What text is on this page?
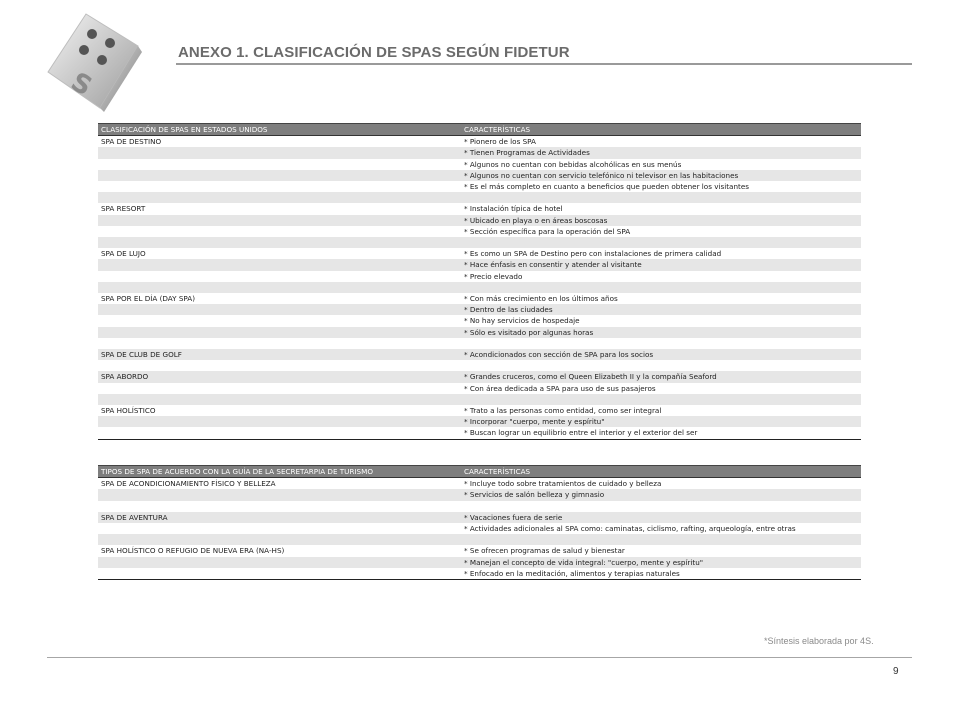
S
ANEXO 1. CLASIFICACIÓN DE SPAS SEGÚN FIDETUR
CLASIFICACIÓN DE SPAS EN ESTADOS UNIDOS	CARACTERÍSTICAS
SPA DE DESTINO	* Pionero de los SPA
	* Tienen Programas de Actividades
	* Algunos no cuentan con bebidas alcohólicas en sus menús
	* Algunos no cuentan con servicio telefónico ni televisor en las habitaciones
	* Es el más completo en cuanto a beneficios que pueden obtener los visitantes

SPA RESORT	* Instalación típica de hotel
	* Ubicado en playa o en áreas boscosas
	* Sección específica para la operación del SPA

SPA DE LUJO	* Es como un SPA de Destino pero con instalaciones de primera calidad
	* Hace énfasis en consentir y atender al visitante
	* Precio elevado

SPA POR EL DÍA (DAY SPA)	* Con más crecimiento en los últimos años
	* Dentro de las ciudades
	* No hay servicios de hospedaje
	* Sólo es visitado por algunas horas

SPA DE CLUB DE GOLF	* Acondicionados con sección de SPA para los socios

SPA ABORDO	* Grandes cruceros, como el Queen Elizabeth II y la compañía Seaford
	* Con área dedicada a SPA para uso de sus pasajeros

SPA HOLÍSTICO	* Trato a las personas como entidad, como ser integral
	* Incorporar "cuerpo, mente y espíritu"
	* Buscan lograr un equilibrio entre el interior y el exterior del ser
TIPOS DE SPA DE ACUERDO CON LA GUÍA DE LA SECRETARPIA DE TURISMO	CARACTERÍSTICAS
SPA DE ACONDICIONAMIENTO FÍSICO Y BELLEZA	* Incluye todo sobre tratamientos de cuidado y belleza
	* Servicios de salón belleza y gimnasio

SPA DE AVENTURA	* Vacaciones fuera de serie
	* Actividades adicionales al SPA como: caminatas, ciclismo, rafting, arqueología, entre otras

SPA HOLÍSTICO O REFUGIO DE NUEVA ERA (NA-HS)	* Se ofrecen programas de salud y bienestar
	* Manejan el concepto de vida integral: "cuerpo, mente y espíritu"
	* Enfocado en la meditación, alimentos y terapias naturales
*Síntesis elaborada por 4S.
9
